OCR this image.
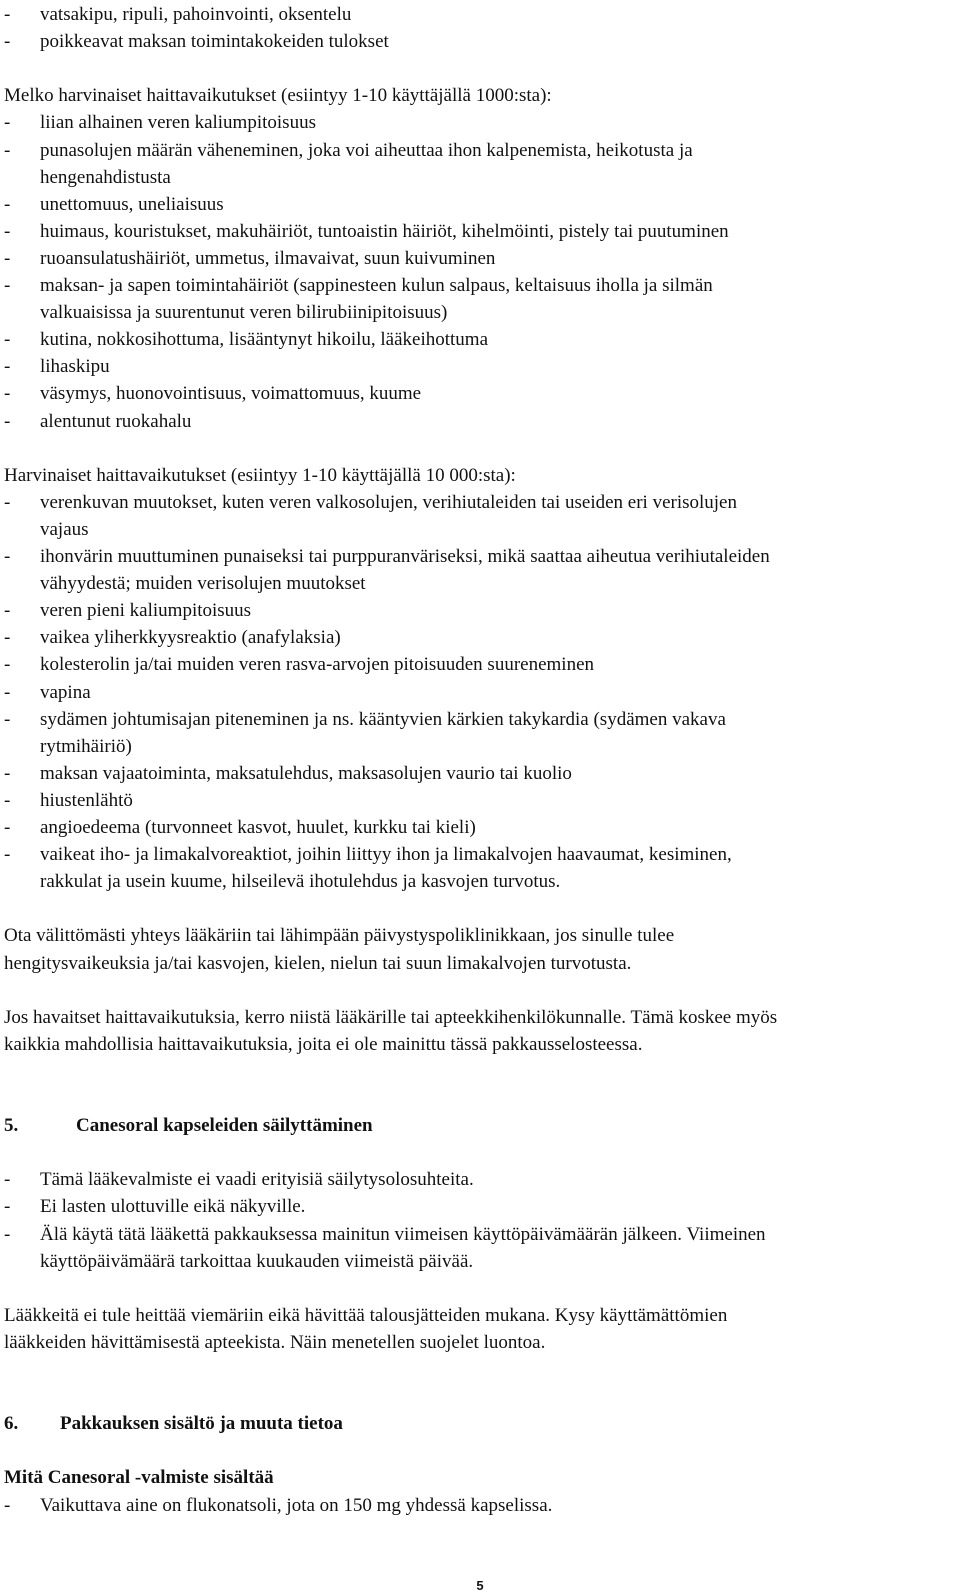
- vatsakipu, ripuli, pahoinvointi, oksentelu
- poikkeavat maksan toimintakokeiden tulokset
Melko harvinaiset haittavaikutukset (esiintyy 1-10 käyttäjällä 1000:sta):
- liian alhainen veren kaliumpitoisuus
- punasolujen määrän väheneminen, joka voi aiheuttaa ihon kalpenemista, heikotusta ja
hengenahdistusta
- unettomuus, uneliaisuus
- huimaus, kouristukset, makuhäiriöt, tuntoaistin häiriöt, kihelmöinti, pistely tai puutuminen
- ruoansulatushäiriöt, ummetus, ilmavaivat, suun kuivuminen
- maksan- ja sapen toimintahäiriöt (sappinesteen kulun salpaus, keltaisuus iholla ja silmän
valkuaisissa ja suurentunut veren bilirubiinipitoisuus)
- kutina, nokkosihottuma, lisääntynyt hikoilu, lääkeihottuma
- lihaskipu
- väsymys, huonovointisuus, voimattomuus, kuume
- alentunut ruokahalu
Harvinaiset haittavaikutukset (esiintyy 1-10 käyttäjällä 10 000:sta):
- verenkuvan muutokset, kuten veren valkosolujen, verihiutaleiden tai useiden eri verisolujen
vajaus
- ihonvärin muuttuminen punaiseksi tai purppuranväriseksi, mikä saattaa aiheutua verihiutaleiden
vähyydestä; muiden verisolujen muutokset
- veren pieni kaliumpitoisuus
- vaikea yliherkkyysreaktio (anafylaksia)
- kolesterolin ja/tai muiden veren rasva-arvojen pitoisuuden suureneminen
- vapina
- sydämen johtumisajan piteneminen ja ns. kääntyvien kärkien takykardia (sydämen vakava
rytmihäiriö)
- maksan vajaatoiminta, maksatulehdus, maksasolujen vaurio tai kuolio
- hiustenlähtö
- angioedeema (turvonneet kasvot, huulet, kurkku tai kieli)
- vaikeat iho- ja limakalvoreaktiot, joihin liittyy ihon ja limakalvojen haavaumat, kesiminen,
rakkulat ja usein kuume, hilseilevä ihotulehdus ja kasvojen turvotus.
Ota välittömästi yhteys lääkäriin tai lähimpään päivystyspoliklinikkaan, jos sinulle tulee
hengitysvaikeuksia ja/tai kasvojen, kielen, nielun tai suun limakalvojen turvotusta.
Jos havaitset haittavaikutuksia, kerro niistä lääkärille tai apteekkihenkilökunnalle. Tämä koskee myös
kaikkia mahdollisia haittavaikutuksia, joita ei ole mainittu tässä pakkausselosteessa.
5.	Canesoral kapseleiden säilyttäminen
- Tämä lääkevalmiste ei vaadi erityisiä säilytysolosuhteita.
- Ei lasten ulottuville eikä näkyville.
- Älä käytä tätä lääkettä pakkauksessa mainitun viimeisen käyttöpäivämäärän jälkeen. Viimeinen
käyttöpäivämäärä tarkoittaa kuukauden viimeistä päivää.
Lääkkeitä ei tule heittää viemäriin eikä hävittää talousjätteiden mukana. Kysy käyttämättömien
lääkkeiden hävittämisestä apteekista. Näin menetellen suojelet luontoa.
6. Pakkauksen sisältö ja muuta tietoa
Mitä Canesoral -valmiste sisältää
- Vaikuttava aine on flukonatsoli, jota on 150 mg yhdessä kapselissa.
5
